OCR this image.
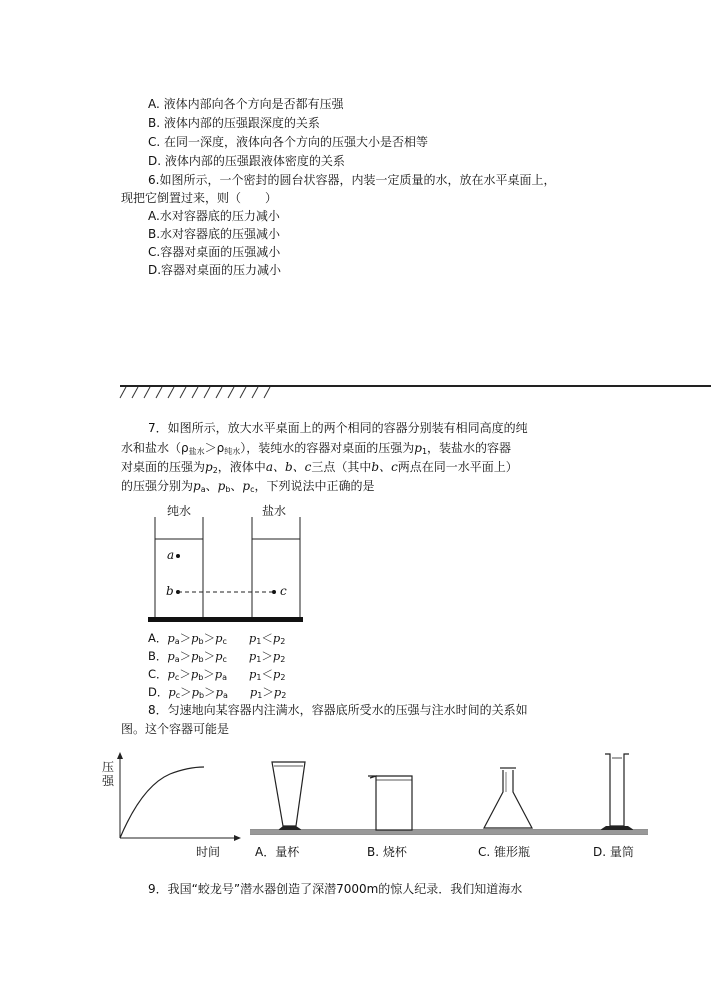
A. 液体内部向各个方向是否都有压强
B. 液体内部的压强跟深度的关系
C. 在同一深度，液体向各个方向的压强大小是否相等
D. 液体内部的压强跟液体密度的关系
6.如图所示，一个密封的圆台状容器，内装一定质量的水，放在水平桌面上，
现把它倒置过来，则（　　）
A.水对容器底的压力减小
B.水对容器底的压强减小
C.容器对桌面的压强减小
D.容器对桌面的压力减小
7．如图所示，放大水平桌面上的两个相同的容器分别装有相同高度的纯
水和盐水$(\rho_{盐水}>\rho_{纯水})$，装纯水的容器对桌面的压强为$p_1$，装盐水的容器
对桌面的压强为$p_2$，液体中a、b、c三点（其中b、c两点在同一水平面上）
的压强分别为$p_a$、$p_b$、$p_c$，下列说法中正确的是
纯水	盐水
a
b	c
A．$p_a>p_b>p_c$ $p_1<p_2$
B．$p_a>p_b>p_c$ $p_1>p_2$
C．$p_c>p_b>p_a$ $p_1<p_2$
D．$p_c>p_b>p_a$ $p_1>p_2$
8．匀速地向某容器内注满水，容器底所受水的压强与注水时间的关系如
图。这个容器可能是
压
强
时间	A．量杯	B. 烧杯	C. 锥形瓶	D. 量筒
9．我国“蛟龙号”潜水器创造了深潜7000m的惊人纪录．我们知道海水
